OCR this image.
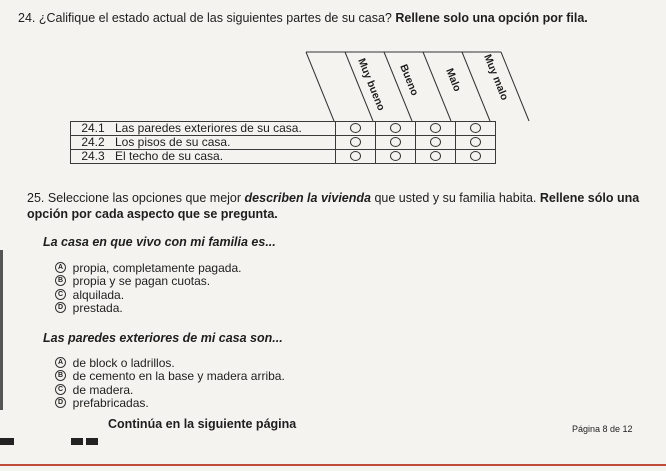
24. ¿Califique el estado actual de las siguientes partes de su casa? Rellene solo una opción por fila.
Muy bueno Bueno Malo Muy malo
24.1 Las paredes exteriores de su casa.				
24.2 Los pisos de su casa.				
24.3 El techo de su casa.				
25. Seleccione las opciones que mejor describen la vivienda que usted y su familia habita. Rellene sólo una opción por cada aspecto que se pregunta.
La casa en que vivo con mi familia es...
A propia, completamente pagada.
B propia y se pagan cuotas.
C alquilada.
D prestada.
Las paredes exteriores de mi casa son...
A de block o ladrillos.
B de cemento en la base y madera arriba.
C de madera.
D prefabricadas.
Continúa en la siguiente página	Página 8 de 12
